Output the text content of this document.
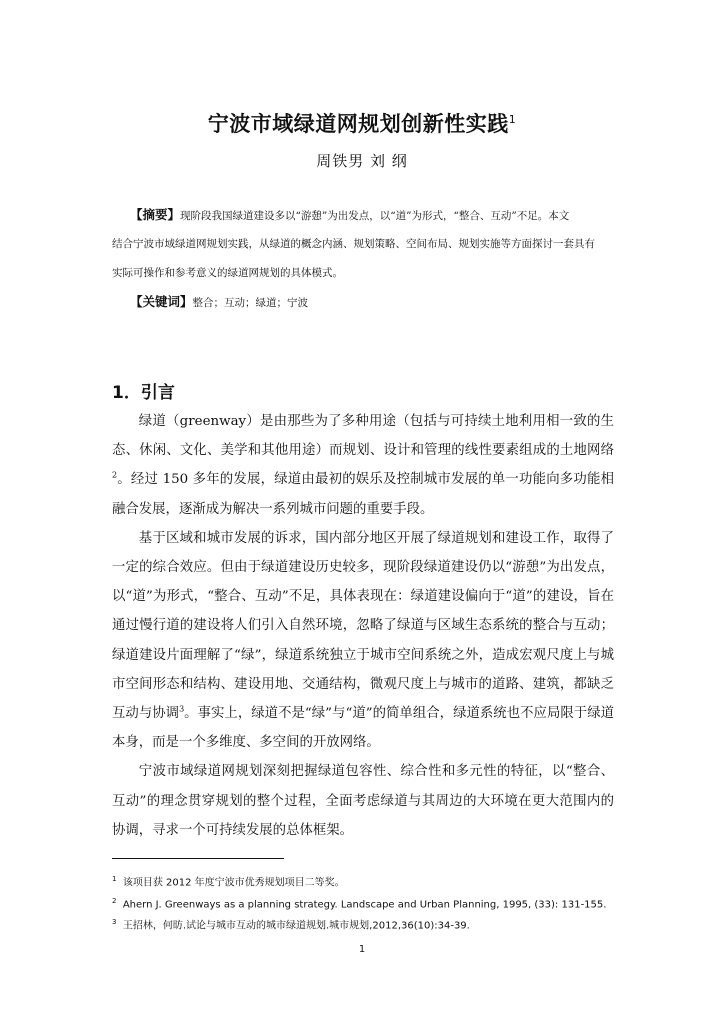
宁波市域绿道网规划创新性实践$^1$
周铁男 刘 纲
【摘要】现阶段我国绿道建设多以“游憩”为出发点，以“道”为形式，“整合、互动”不足。本文
结合宁波市域绿道网规划实践，从绿道的概念内涵、规划策略、空间布局、规划实施等方面探讨一套具有
实际可操作和参考意义的绿道网规划的具体模式。
【关键词】整合；互动；绿道；宁波
1．引言

绿道（greenway）是由那些为了多种用途（包括与可持续土地利用相一致的生态、休闲、文化、美学和其他用途）而规划、设计和管理的线性要素组成的土地网络$^2$。经过 150 多年的发展，绿道由最初的娱乐及控制城市发展的单一功能向多功能相融合发展，逐渐成为解决一系列城市问题的重要手段。

基于区域和城市发展的诉求，国内部分地区开展了绿道规划和建设工作，取得了一定的综合效应。但由于绿道建设历史较多，现阶段绿道建设仍以“游憩”为出发点，以“道”为形式，“整合、互动”不足，具体表现在：绿道建设偏向于“道”的建设，旨在通过慢行道的建设将人们引入自然环境，忽略了绿道与区域生态系统的整合与互动；绿道建设片面理解了“绿”，绿道系统独立于城市空间系统之外，造成宏观尺度上与城市空间形态和结构、建设用地、交通结构，微观尺度上与城市的道路、建筑，都缺乏互动与协调$^3$。事实上，绿道不是“绿”与“道”的简单组合，绿道系统也不应局限于绿道本身，而是一个多维度、多空间的开放网络。

宁波市域绿道网规划深刻把握绿道包容性、综合性和多元性的特征，以“整合、互动”的理念贯穿规划的整个过程，全面考虑绿道与其周边的大环境在更大范围内的协调，寻求一个可持续发展的总体框架。

$^1$ 该项目获 2012 年度宁波市优秀规划项目二等奖。
$^2$ Ahern J. Greenways as a planning strategy. Landscape and Urban Planning, 1995, (33): 131-155.
$^3$ 王招林，何昉.试论与城市互动的城市绿道规划.城市规划,2012,36(10):34-39.
1
